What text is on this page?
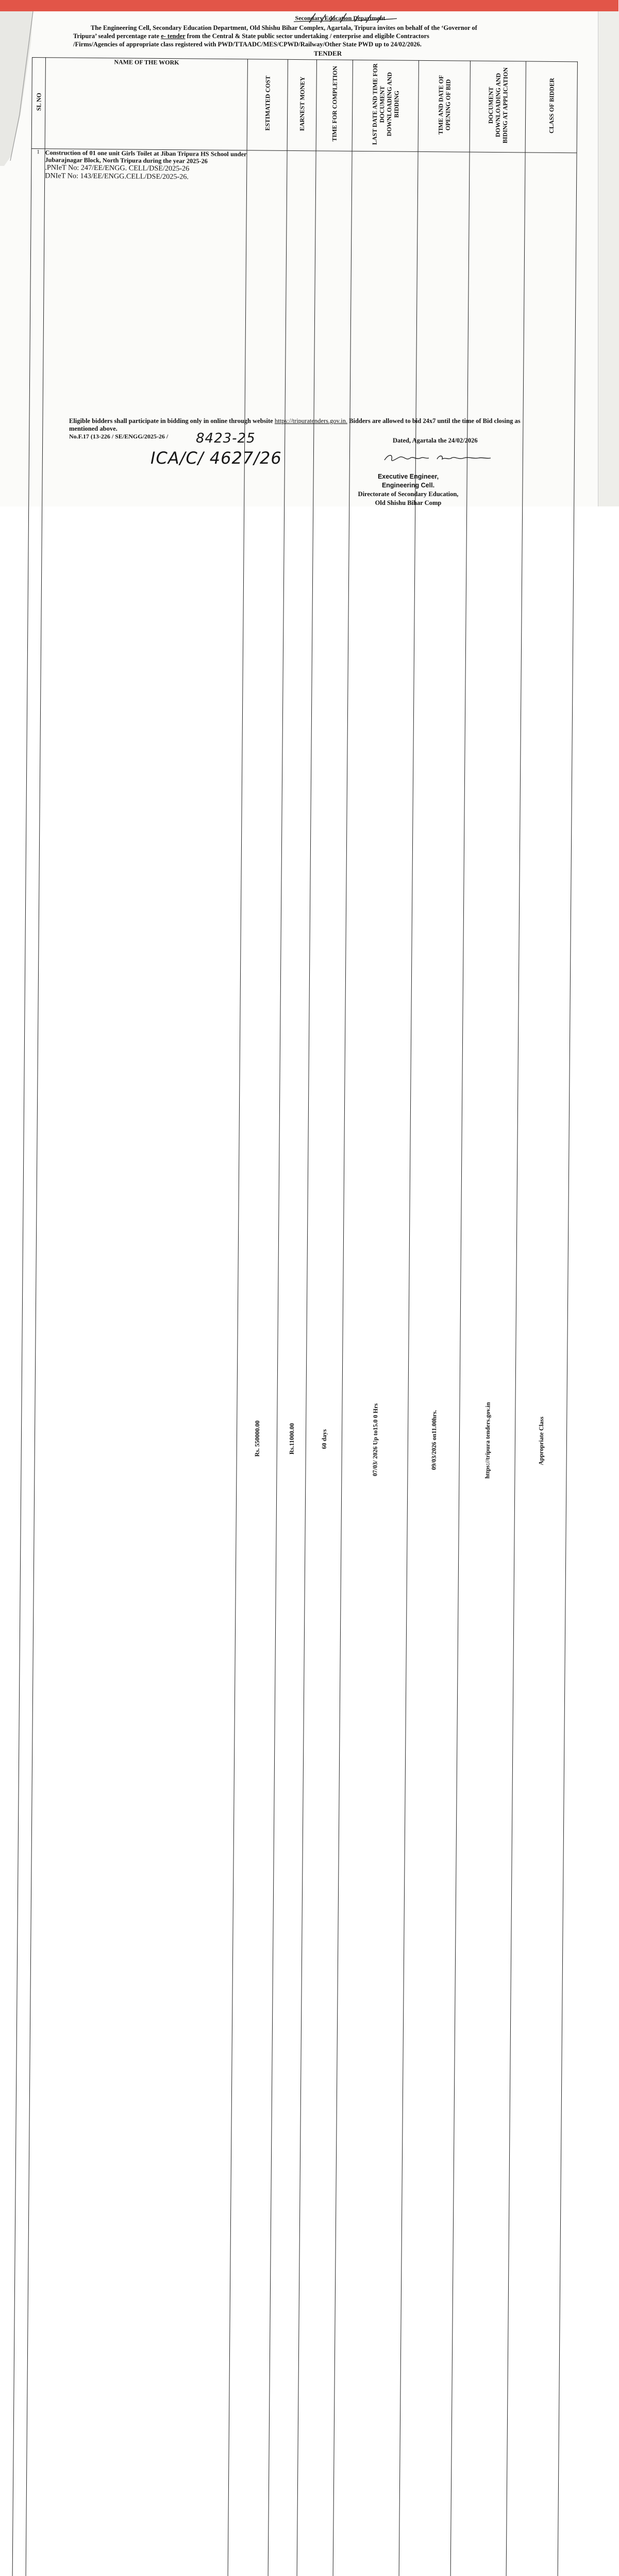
Secondary Education Department
The Engineering Cell, Secondary Education Department, Old Shishu Bihar Complex, Agartala, Tripura invites on behalf of the ‘Governor of
Tripura’ sealed percentage rate e- tender from the Central & State public sector undertaking / enterprise and eligible Contractors
/Firms/Agencies of appropriate class registered with PWD/TTAADC/MES/CPWD/Railway/Other State PWD up to 24/02/2026.
TENDER
SL NO	NAME OF THE WORK	ESTIMATED COST	EARNEST MONEY	TIME FOR COMPLETION	LAST DATE AND TIME FOR DOCUMENT DOWNLOADING AND BIDDING	TIME AND DATE OF OPENING OF BID	DOCUMENT DOWNLOADING AND BIDING AT APPLICATION	CLASS OF BIDDER

1	Construction of 01 one unit Girls Toilet at Jiban Tripura HS School under Jubarajnagar Block, North Tripura during the year 2025-26
.PNIeT No: 247/EE/ENGG. CELL/DSE/2025-26
DNIeT No: 143/EE/ENGG.CELL/DSE/2025-26.	Rs. 550000.00	Rs.11000.00	60 days	07/03/ 2026 Up to15.0 0 Hrs	09/03/2026 on11.00hrs.	https://tripura tenders.gov.in	Appropriate Class

Eligible bidders shall participate in bidding only in online through website https://tripuratenders.gov.in. Bidders are allowed to bid 24x7 until the time of Bid closing as mentioned above.
No.F.17 (13-226 / SE/ENGG/2025-26 / 8423-25
ICA/C/ 4627/26
Dated, Agartala the 24/02/2026
Executive Engineer,
Engineering Cell.
Directorate of Secondary Education,
Old Shishu Bihar Comp
